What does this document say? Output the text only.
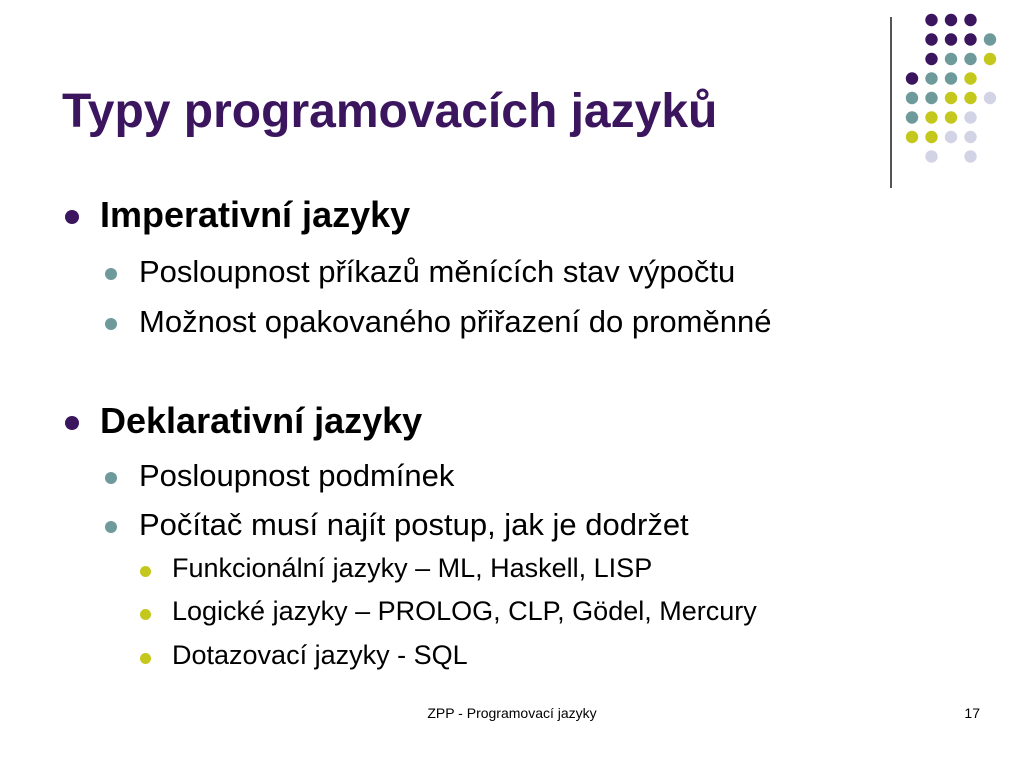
Typy programovacích jazyků
Imperativní jazyky
Posloupnost příkazů měnících stav výpočtu
Možnost opakovaného přiřazení do proměnné
Deklarativní jazyky
Posloupnost podmínek
Počítač musí najít postup, jak je dodržet
Funkcionální jazyky – ML, Haskell, LISP
Logické jazyky – PROLOG, CLP, Gödel, Mercury
Dotazovací jazyky - SQL
ZPP - Programovací jazyky	17
